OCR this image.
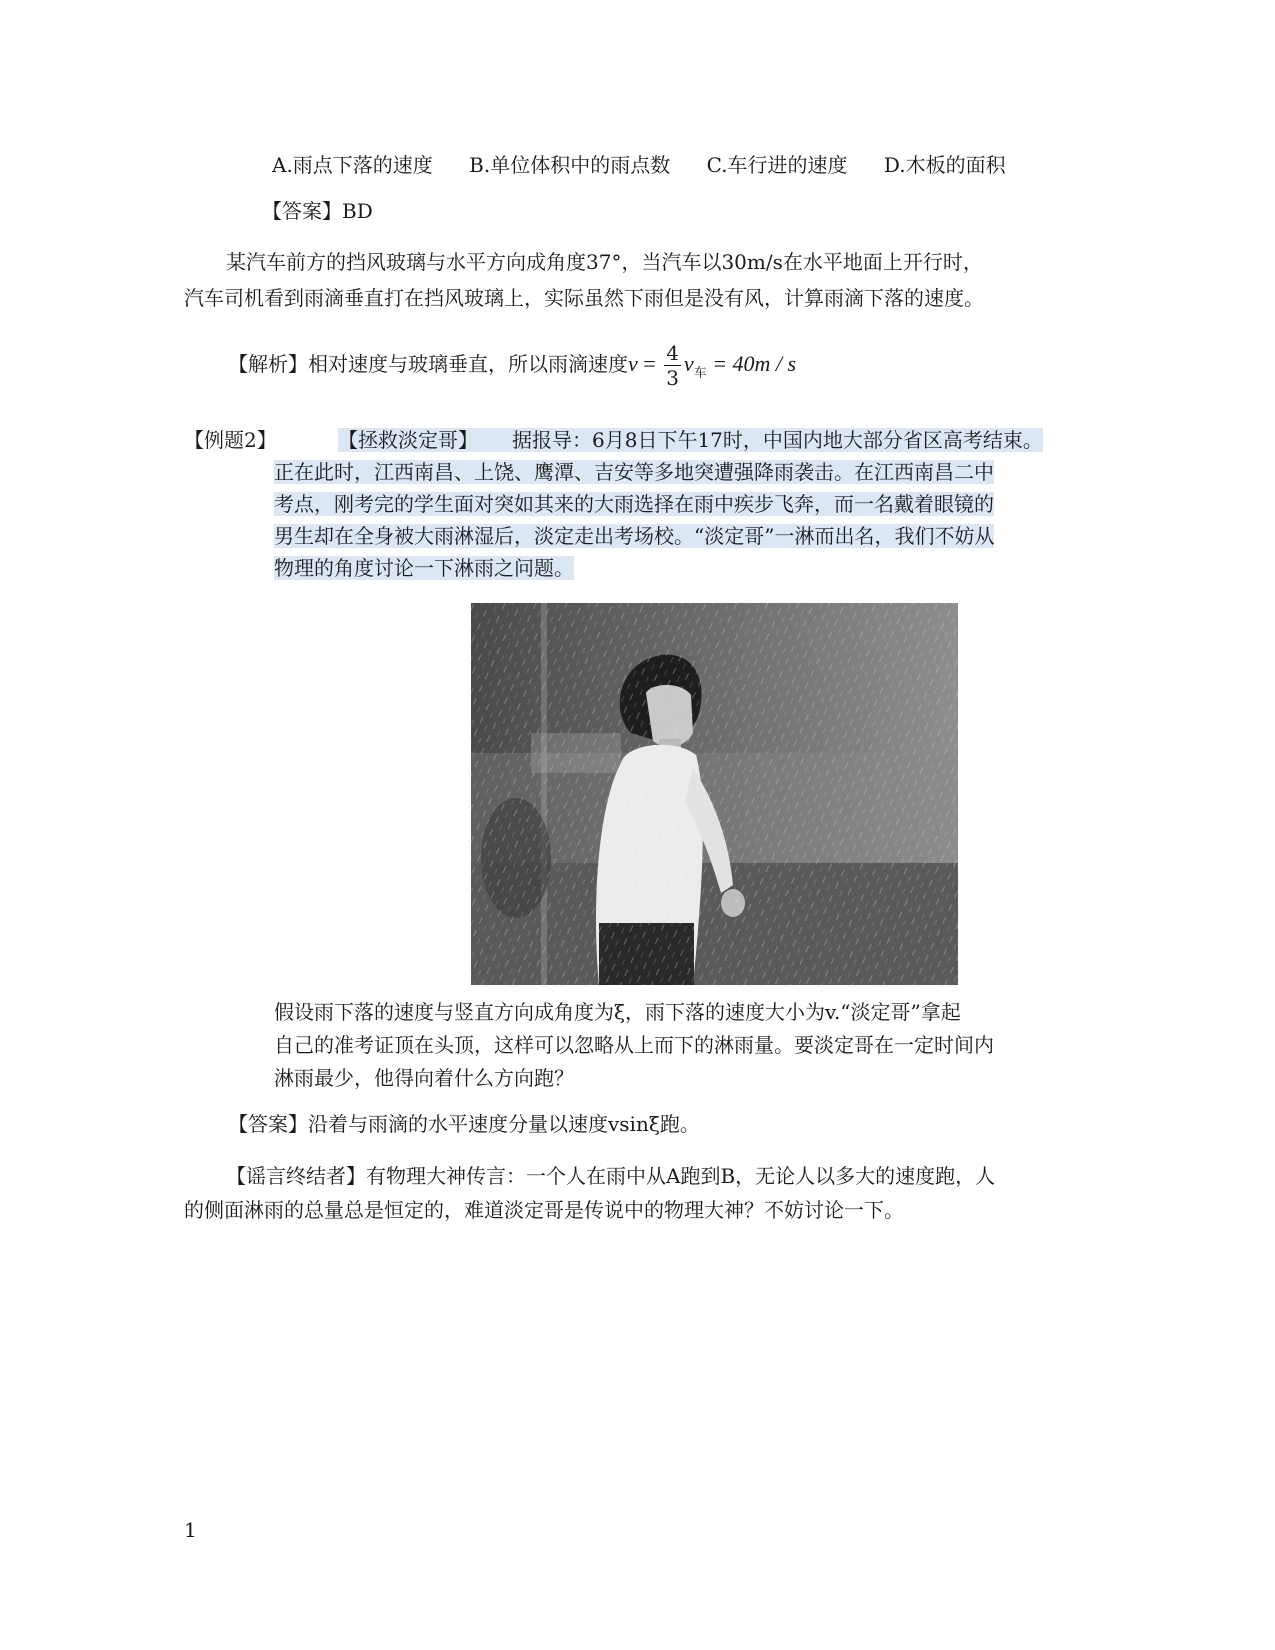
A.雨点下落的速度 B.单位体积中的雨点数 C.车行进的速度 D.木板的面积
【答案】BD
某汽车前方的挡风玻璃与水平方向成角度37°，当汽车以30m/s在水平地面上开行时，
汽车司机看到雨滴垂直打在挡风玻璃上，实际虽然下雨但是没有风，计算雨滴下落的速度。
【解析】相对速度与玻璃垂直，所以雨滴速度$v = \frac{4}{3} v_车 = 40m / s$
【例题2】	【拯救淡定哥】 据报导：6月8日下午17时，中国内地大部分省区高考结束。
正在此时，江西南昌、上饶、鹰潭、吉安等多地突遭强降雨袭击。在江西南昌二中
考点，刚考完的学生面对突如其来的大雨选择在雨中疾步飞奔，而一名戴着眼镜的
男生却在全身被大雨淋湿后，淡定走出考场校。“淡定哥”一淋而出名，我们不妨从
物理的角度讨论一下淋雨之问题。
假设雨下落的速度与竖直方向成角度为ξ，雨下落的速度大小为v.“淡定哥”拿起
自己的准考证顶在头顶，这样可以忽略从上而下的淋雨量。要淡定哥在一定时间内
淋雨最少，他得向着什么方向跑？
【答案】沿着与雨滴的水平速度分量以速度vsinξ跑。
【谣言终结者】有物理大神传言：一个人在雨中从A跑到B，无论人以多大的速度跑，人
的侧面淋雨的总量总是恒定的，难道淡定哥是传说中的物理大神？不妨讨论一下。
1
